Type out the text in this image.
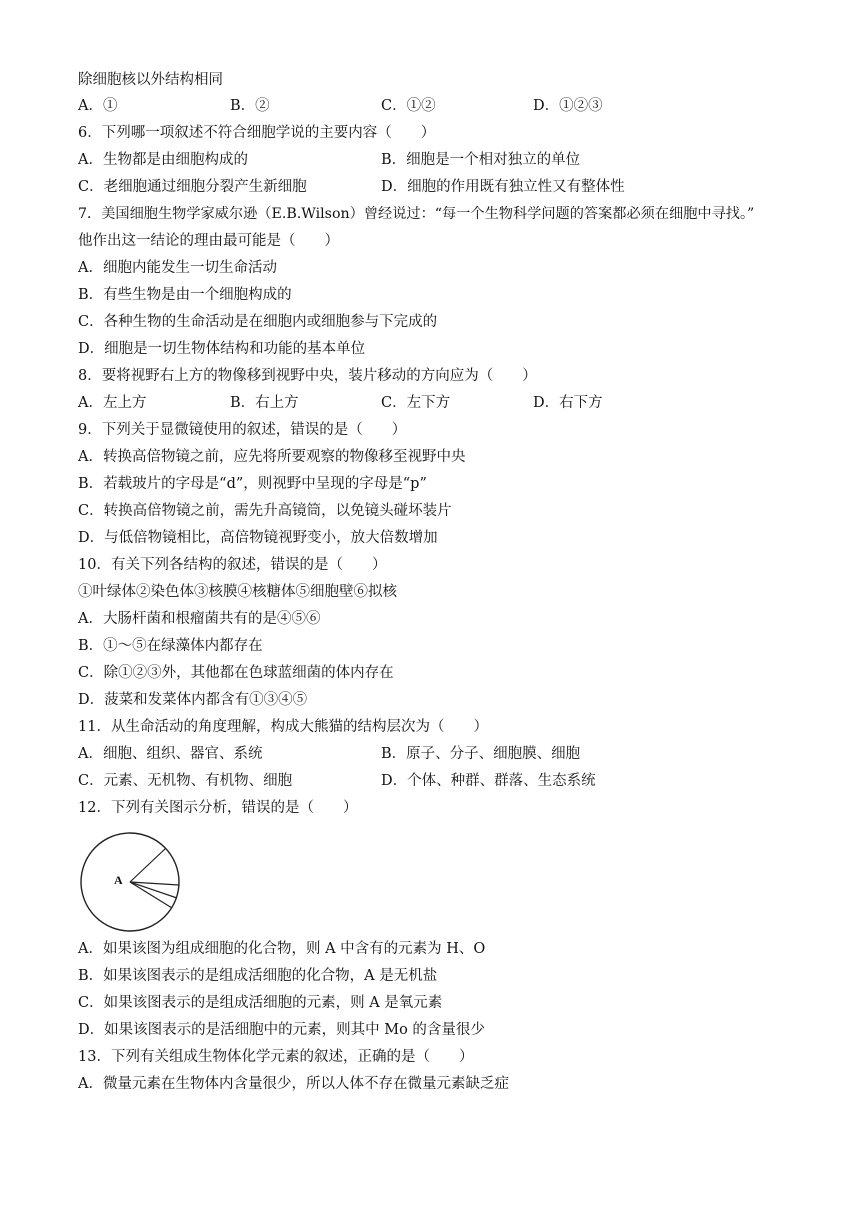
除细胞核以外结构相同
A．①	B．②	C．①②	D．①②③
6．下列哪一项叙述不符合细胞学说的主要内容（　　）
A．生物都是由细胞构成的	B．细胞是一个相对独立的单位
C．老细胞通过细胞分裂产生新细胞	D．细胞的作用既有独立性又有整体性
7．美国细胞生物学家威尔逊（E.B.Wilson）曾经说过：“每一个生物科学问题的答案都必须在细胞中寻找。”
他作出这一结论的理由最可能是（　　）
A．细胞内能发生一切生命活动
B．有些生物是由一个细胞构成的
C．各种生物的生命活动是在细胞内或细胞参与下完成的
D．细胞是一切生物体结构和功能的基本单位
8．要将视野右上方的物像移到视野中央，装片移动的方向应为（　　）
A．左上方	B．右上方	C．左下方	D．右下方
9．下列关于显微镜使用的叙述，错误的是（　　）
A．转换高倍物镜之前，应先将所要观察的物像移至视野中央
B．若载玻片的字母是“d”，则视野中呈现的字母是“p”
C．转换高倍物镜之前，需先升高镜筒，以免镜头碰坏装片
D．与低倍物镜相比，高倍物镜视野变小，放大倍数增加
10．有关下列各结构的叙述，错误的是（　　）
①叶绿体②染色体③核膜④核糖体⑤细胞壁⑥拟核
A．大肠杆菌和根瘤菌共有的是④⑤⑥
B．①～⑤在绿藻体内都存在
C．除①②③外，其他都在色球蓝细菌的体内存在
D．菠菜和发菜体内都含有①③④⑤
11．从生命活动的角度理解，构成大熊猫的结构层次为（　　）
A．细胞、组织、器官、系统	B．原子、分子、细胞膜、细胞
C．元素、无机物、有机物、细胞	D．个体、种群、群落、生态系统
12．下列有关图示分析，错误的是（　　）
A
A．如果该图为组成细胞的化合物，则 A 中含有的元素为 H、O
B．如果该图表示的是组成活细胞的化合物，A 是无机盐
C．如果该图表示的是组成活细胞的元素，则 A 是氧元素
D．如果该图表示的是活细胞中的元素，则其中 Mo 的含量很少
13．下列有关组成生物体化学元素的叙述，正确的是（　　）
A．微量元素在生物体内含量很少，所以人体不存在微量元素缺乏症
